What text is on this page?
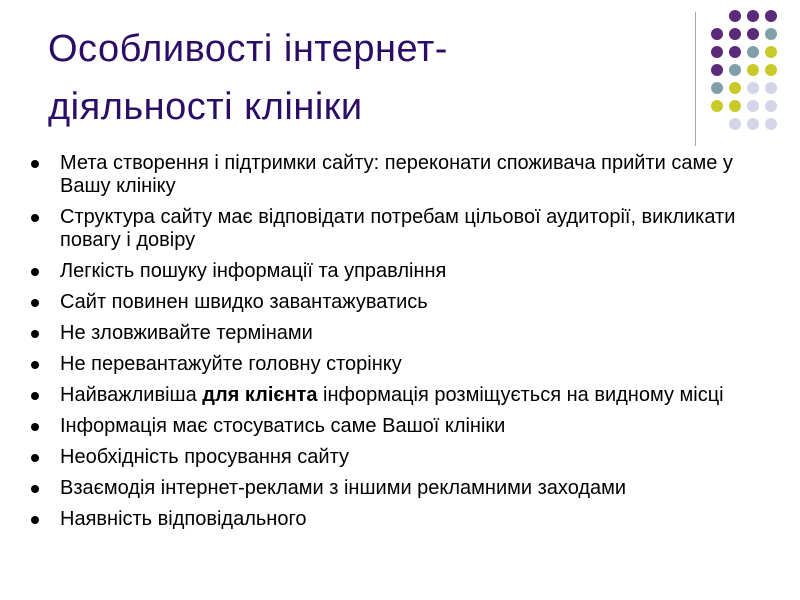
Особливості інтернет-
діяльності клініки
Мета створення і підтримки сайту: переконати споживача прийти саме у Вашу клініку
Структура сайту має відповідати потребам цільової аудиторії, викликати повагу і довіру
Легкість пошуку інформації та управління
Сайт повинен швидко завантажуватись
Не зловживайте термінами
Не перевантажуйте головну сторінку
Найважливіша для клієнта інформація розміщується на видному місці
Інформація має стосуватись саме Вашої клініки
Необхідність просування сайту
Взаємодія інтернет-реклами з іншими рекламними заходами
Наявність відповідального
